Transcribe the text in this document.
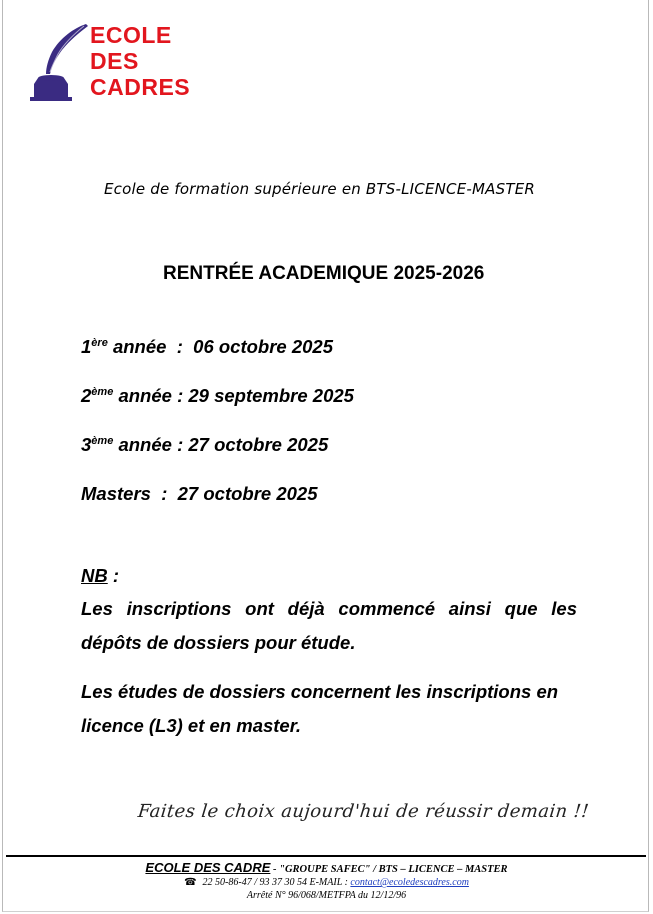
ECOLE
DES
CADRES
Ecole de formation supérieure en BTS-LICENCE-MASTER
RENTRÉE ACADEMIQUE 2025-2026
1ère année  :  06 octobre 2025
2ème année : 29 septembre 2025
3ème année : 27 octobre 2025
Masters  :  27 octobre 2025
NB :
Les inscriptions ont déjà commencé ainsi que les dépôts de dossiers pour étude.
Les études de dossiers concernent les inscriptions en licence (L3) et en master.
Faites le choix aujourd'hui de réussir demain !!
ECOLE DES CADRE - "GROUPE SAFEC" / BTS – LICENCE – MASTER
☎ 22 50-86-47 / 93 37 30 54 E-MAIL : contact@ecoledescadres.com
Arrêté N° 96/068/METFPA du 12/12/96
